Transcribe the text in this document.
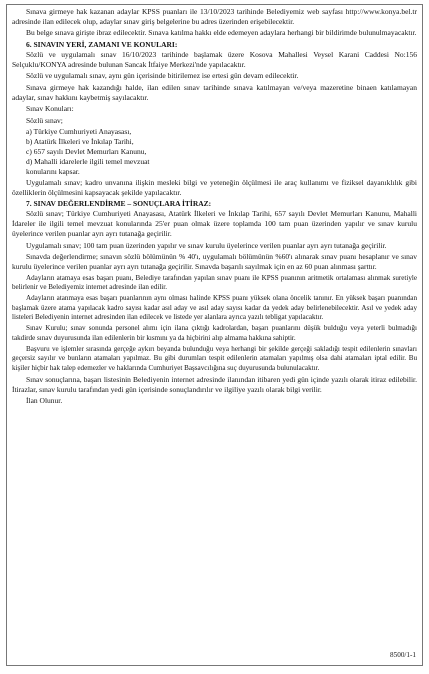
Sınava girmeye hak kazanan adaylar KPSS puanları ile 13/10/2023 tarihinde Belediyemiz web sayfası http://www.konya.bel.tr adresinde ilan edilecek olup, adaylar sınav giriş belgelerine bu adres üzerinden erişebilecektir.

Bu belge sınava girişte ibraz edilecektir. Sınava katılma hakkı elde edemeyen adaylara herhangi bir bildirimde bulunulmayacaktır.

6. SINAVIN YERİ, ZAMANI VE KONULARI:

Sözlü ve uygulamalı sınav 16/10/2023 tarihinde başlamak üzere Kosova Mahallesi Veysel Karani Caddesi No:156 Selçuklu/KONYA adresinde bulunan Sancak İtfaiye Merkezi'nde yapılacaktır.

Sözlü ve uygulamalı sınav, aynı gün içerisinde bitirilemez ise ertesi gün devam edilecektir.

Sınava girmeye hak kazandığı halde, ilan edilen sınav tarihinde sınava katılmayan ve/veya mazeretine binaen katılamayan adaylar, sınav hakkını kaybetmiş sayılacaktır.

Sınav Konuları:

Sözlü sınav;

a) Türkiye Cumhuriyeti Anayasası,
b) Atatürk İlkeleri ve İnkılap Tarihi,
c) 657 sayılı Devlet Memurları Kanunu,
d) Mahalli idarelerle ilgili temel mevzuat
konularını kapsar.

Uygulamalı sınav; kadro unvanına ilişkin mesleki bilgi ve yeteneğin ölçülmesi ile araç kullanımı ve fiziksel dayanıklılık gibi özelliklerin ölçülmesini kapsayacak şekilde yapılacaktır.

7. SINAV DEĞERLENDİRME – SONUÇLARA İTİRAZ:

Sözlü sınav; Türkiye Cumhuriyeti Anayasası, Atatürk İlkeleri ve İnkılap Tarihi, 657 sayılı Devlet Memurları Kanunu, Mahalli İdareler ile ilgili temel mevzuat konularında 25'er puan olmak üzere toplamda 100 tam puan üzerinden yapılır ve sınav kurulu üyelerince verilen puanlar ayrı ayrı tutanağa geçirilir.

Uygulamalı sınav; 100 tam puan üzerinden yapılır ve sınav kurulu üyelerince verilen puanlar ayrı ayrı tutanağa geçirilir.

Sınavda değerlendirme; sınavın sözlü bölümünün % 40'ı, uygulamalı bölümünün %60'ı alınarak sınav puanı hesaplanır ve sınav kurulu üyelerince verilen puanlar ayrı ayrı tutanağa geçirilir. Sınavda başarılı sayılmak için en az 60 puan alınması şarttır.

Adayların atamaya esas başarı puanı, Belediye tarafından yapılan sınav puanı ile KPSS puanının aritmetik ortalaması alınmak suretiyle belirlenir ve Belediyemiz internet adresinde ilan edilir.

Adayların atanmaya esas başarı puanlarının aynı olması halinde KPSS puanı yüksek olana öncelik tanınır. En yüksek başarı puanından başlamak üzere atama yapılacak kadro sayısı kadar asıl aday ve asıl aday sayısı kadar da yedek aday belirlenebilecektir. Asıl ve yedek aday listeleri Belediyenin internet adresinden ilan edilecek ve listede yer alanlara ayrıca yazılı tebligat yapılacaktır.

Sınav Kurulu; sınav sonunda personel alımı için ilana çıktığı kadrolardan, başarı puanlarını düşük bulduğu veya yeterli bulmadığı takdirde sınav duyurusunda ilan edilenlerin bir kısmını ya da hiçbirini alıp almama hakkına sahiptir.

Başvuru ve işlemler sırasında gerçeğe aykırı beyanda bulunduğu veya herhangi bir şekilde gerçeği sakladığı tespit edilenlerin sınavları geçersiz sayılır ve bunların atamaları yapılmaz. Bu gibi durumları tespit edilenlerin atamaları yapılmış olsa dahi atamaları iptal edilir. Bu kişiler hiçbir hak talep edemezler ve haklarında Cumhuriyet Başsavcılığına suç duyurusunda bulunulacaktır.

Sınav sonuçlarına, başarı listesinin Belediyenin internet adresinde ilanından itibaren yedi gün içinde yazılı olarak itiraz edilebilir. İtirazlar, sınav kurulu tarafından yedi gün içerisinde sonuçlandırılır ve ilgiliye yazılı olarak bilgi verilir.

İlan Olunur.

8500/1-1
